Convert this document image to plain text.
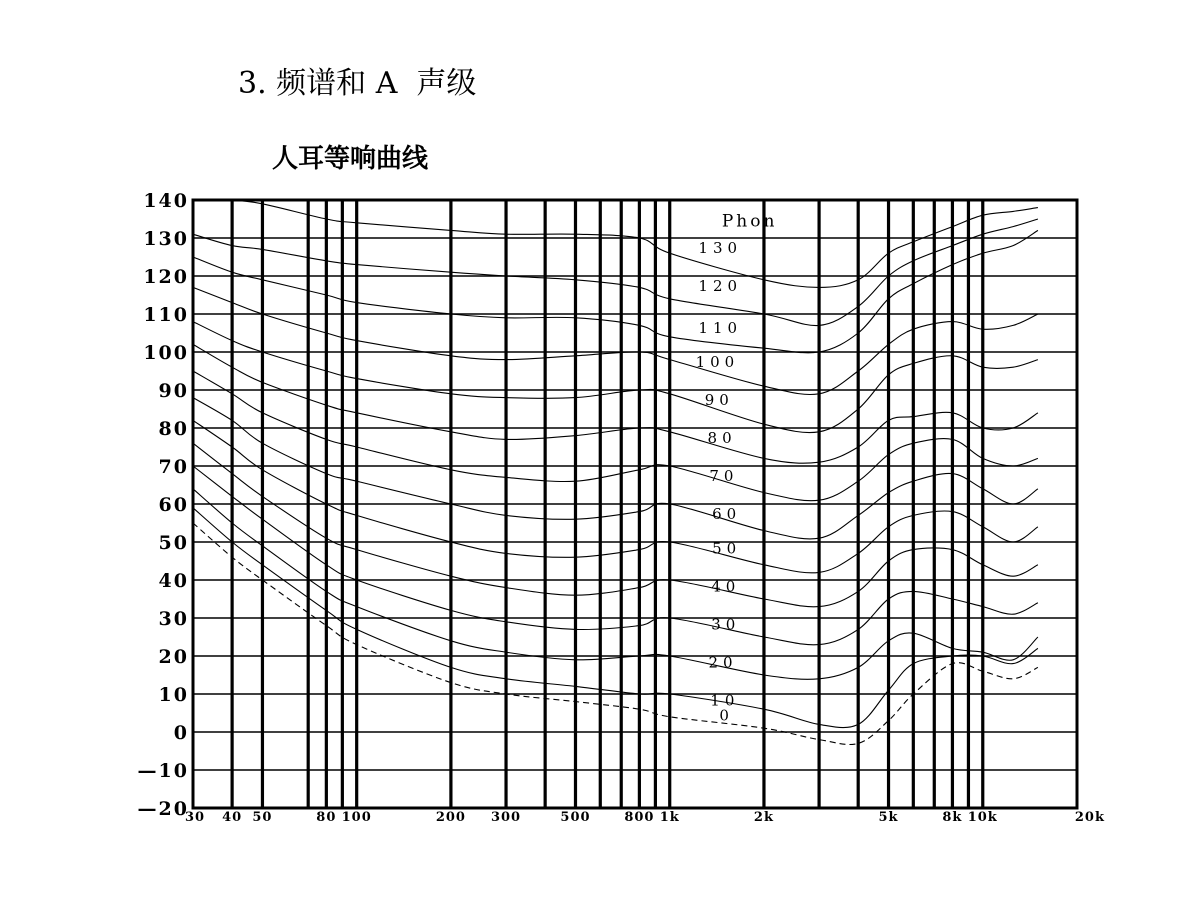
3. 频谱和 A  声级
人耳等响曲线
130
120
110
100
90
80
70
60
50
40
30
20
10
0
Phon
140
130
120
110
100
90
80
70
60
50
40
30
20
10
0
—10
—20
30 40 50	80 100	200 300	500	800 1k	2k	5k	8k 10k	20k
